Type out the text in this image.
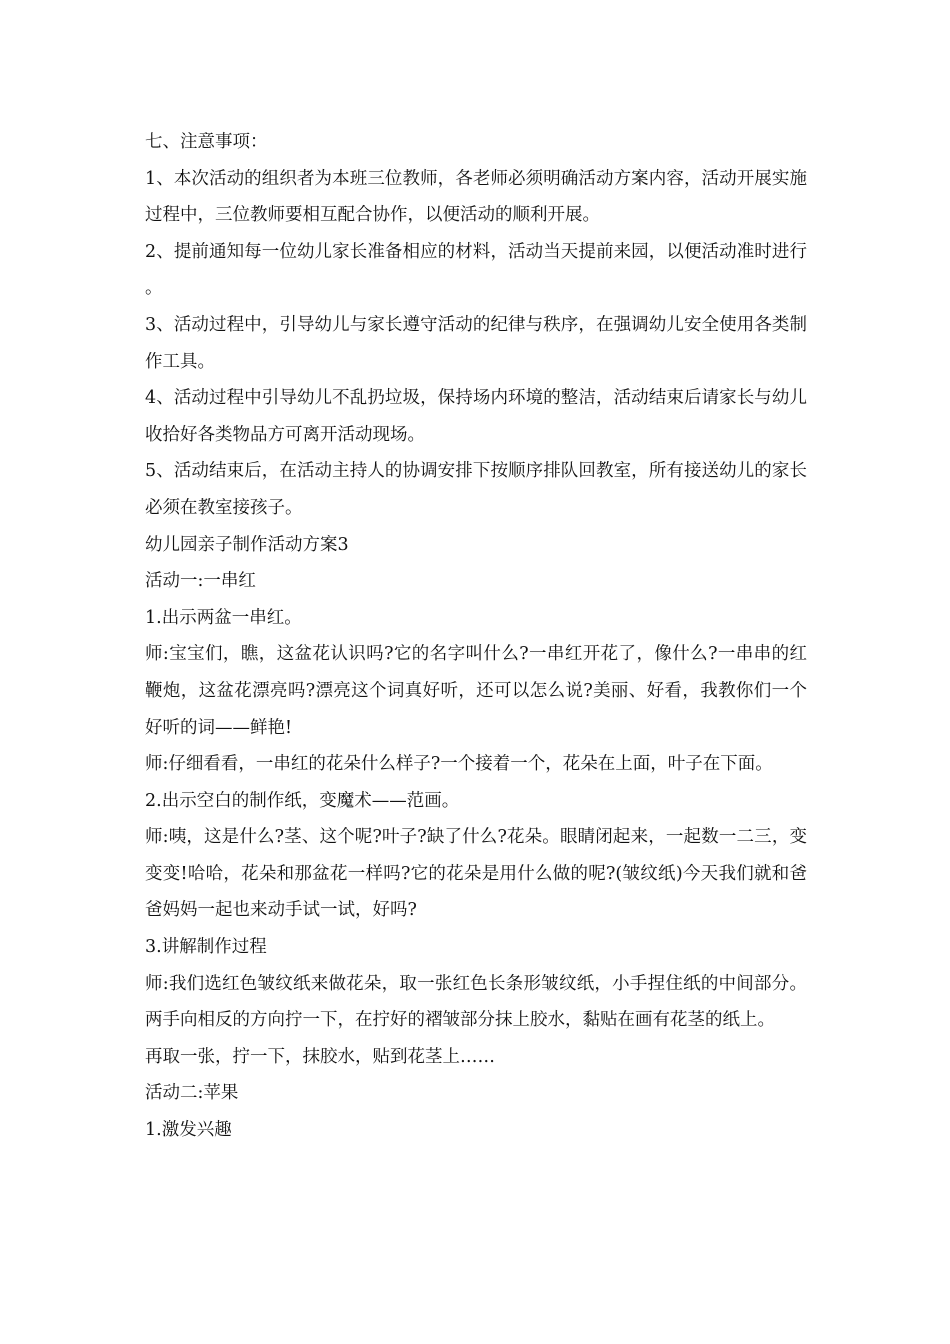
七、注意事项：

1、本次活动的组织者为本班三位教师，各老师必须明确活动方案内容，活动开展实施过程中，三位教师要相互配合协作，以便活动的顺利开展。

2、提前通知每一位幼儿家长准备相应的材料，活动当天提前来园，以便活动准时进行。

3、活动过程中，引导幼儿与家长遵守活动的纪律与秩序，在强调幼儿安全使用各类制作工具。

4、活动过程中引导幼儿不乱扔垃圾，保持场内环境的整洁，活动结束后请家长与幼儿收拾好各类物品方可离开活动现场。

5、活动结束后，在活动主持人的协调安排下按顺序排队回教室，所有接送幼儿的家长必须在教室接孩子。

幼儿园亲子制作活动方案3

活动一:一串红

1.出示两盆一串红。

师:宝宝们，瞧，这盆花认识吗?它的名字叫什么?一串红开花了，像什么?一串串的红鞭炮，这盆花漂亮吗?漂亮这个词真好听，还可以怎么说?美丽、好看，我教你们一个好听的词——鲜艳!

师:仔细看看，一串红的花朵什么样子?一个接着一个，花朵在上面，叶子在下面。

2.出示空白的制作纸，变魔术——范画。

师:咦，这是什么?茎、这个呢?叶子?缺了什么?花朵。眼睛闭起来，一起数一二三，变变变!哈哈，花朵和那盆花一样吗?它的花朵是用什么做的呢?(皱纹纸)今天我们就和爸爸妈妈一起也来动手试一试，好吗?

3.讲解制作过程

师:我们选红色皱纹纸来做花朵，取一张红色长条形皱纹纸，小手捏住纸的中间部分。两手向相反的方向拧一下，在拧好的褶皱部分抹上胶水，黏贴在画有花茎的纸上。

再取一张，拧一下，抹胶水，贴到花茎上……

活动二:苹果

1.激发兴趣
